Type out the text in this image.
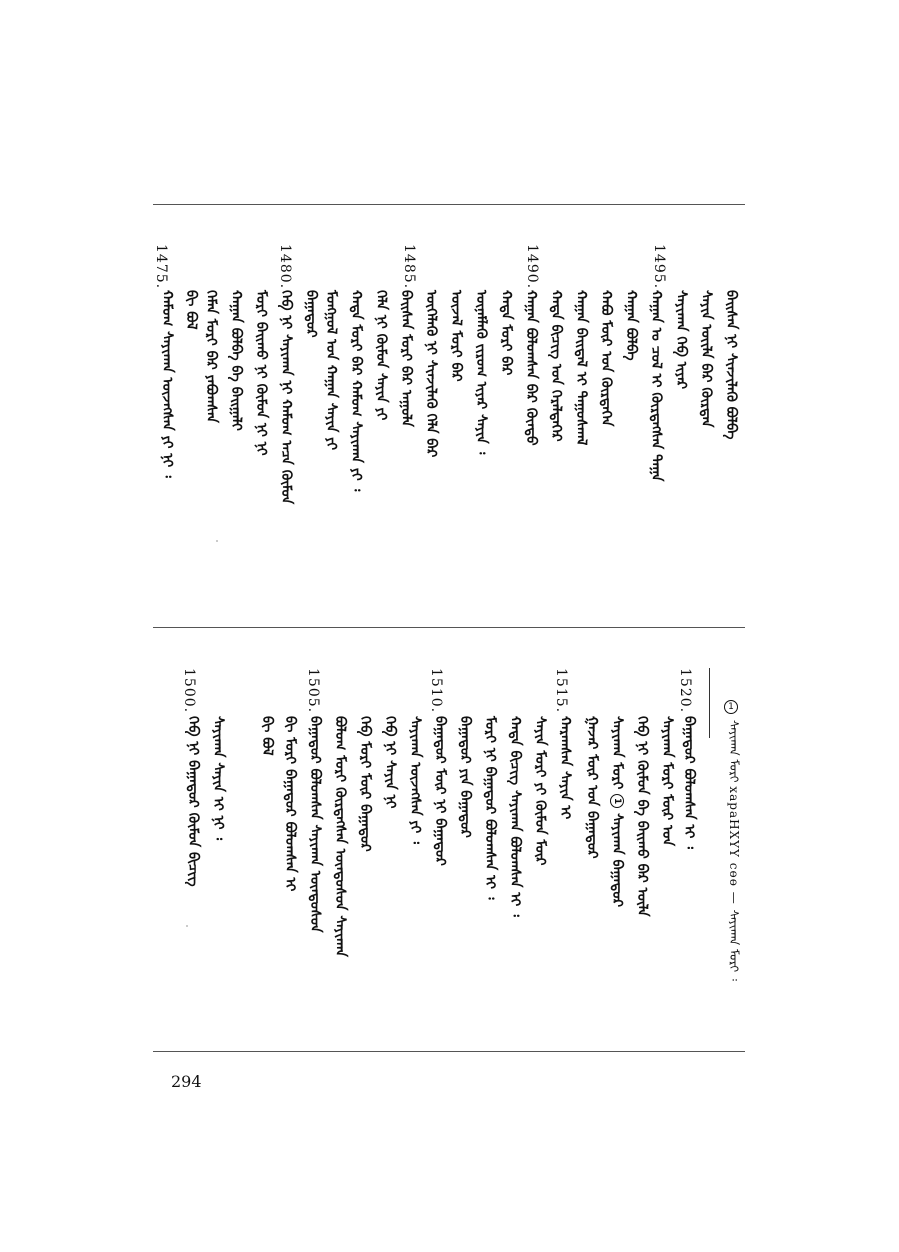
1495.
1490.
1485.
1480.
1475.
ᠪᠠᠢᠰᠠᠨ ᠨᠢ ᠰᠢᠨᠵᠢᠯᠡᠬᠦ ᠪᠣᠯᠪᠠ
ᠰᠠᠶᠢᠨ ᠦᠢᠯᠡ ᠪᠡᠷ ᠬᠦᠷᠳᠡᠨ
ᠰᠠᠶᠢᠬᠠᠨ ᠬᠡᠪ ᠢᠶᠡᠷ
ᠬᠠᠭᠠᠨ ᠤ ᠴᠣᠯ ᠢ ᠬᠦᠷᠲᠡᠭᠰᠡᠨ ᠲᠠᠭᠠ
ᠬᠠᠭᠠᠨ ᠪᠣᠯᠪᠠ
ᠬᠠᠪᠤ ᠮᠥᠷ ᠤᠨ ᠬᠦᠷᠲᠡᠭᠡᠨ
ᠬᠠᠭᠠᠨ ᠪᠠᠢᠳᠠᠯ ᠢ ᠳᠠᠭᠤᠰᠬᠠᠯ
ᠬᠠᠳᠠ ᠪᠢᠴᠢᠭ ᠤᠨ ᠭᠡᠷᠡᠯᠲᠡᠭᠡᠷ
ᠬᠠᠭᠠᠨ ᠪᠣᠯᠤᠭᠰᠠᠨ ᠪᠡᠷ ᠬᠦᠨᠳᠦ
ᠬᠠᠳᠠ ᠮᠣᠷᠢ ᠪᠠᠷ
ᠦᠨᠡᠮᠯᠡᠬᠦ ᠵᠢᠷᠤᠭ ᠢᠶᠡᠷ ᠰᠠᠶᠢᠨ ᠄
ᠦᠵᠡᠯ ᠮᠣᠷᠢ ᠪᠠᠷ
ᠦᠭᠡᠯᠡᠬᠦ ᠨᠢ ᠰᠢᠨᠵᠢᠯᠡᠬᠦ ᠬᠡᠯᠡ ᠪᠡᠷ
ᠪᠠᠢᠰᠠᠨ ᠮᠣᠷᠢ ᠪᠠᠷ ᠠᠭᠤᠯᠠ
ᠬᠡᠯᠡ ᠨᠢ ᠬᠥᠮᠦᠨ ᠰᠠᠶᠢᠨ ᠶᠢ
ᠬᠠᠳᠠ ᠮᠣᠷᠢ ᠪᠠᠷ ᠬᠠᠮᠤᠭ ᠰᠠᠶᠢᠬᠠᠨ ᠶᠢ ᠄
ᠮᠣᠩᠭᠣᠯ ᠤᠨ ᠬᠠᠭᠠᠨ ᠰᠠᠶᠢᠨ ᠶᠢ
ᠪᠠᠭᠠᠲᠤᠷ
ᠬᠡᠪ ᠨᠢ ᠰᠠᠶᠢᠬᠠᠨ ᠨᠢ ᠬᠠᠮᠤᠭ ᠠᠴᠠ ᠬᠦᠮᠦᠨ
ᠮᠣᠷᠢ ᠪᠠᠢᠬᠤ ᠨᠢ ᠬᠦᠮᠦᠨ ᠨᠢ ᠨᠢ
ᠬᠠᠭᠠᠨ ᠪᠣᠯᠪᠠ ᠪᠠ ᠪᠠᠢᠭᠠᠯᠢ
ᠬᠡᠮᠡᠨ ᠮᠣᠷᠢ ᠪᠠᠷ ᠶᠠᠪᠤᠭᠰᠠᠨ
ᠪᠢ ᠪᠣᠯ
ᠬᠠᠮᠤᠭ ᠰᠠᠶᠢᠬᠠᠨ ᠦᠵᠡᠭᠰᠡᠨ ᠶᠢ ᠨᠢ ᠄
1
ᠰᠠᠶᠢᠬᠠᠨ ᠮᠣᠷᠢ хараНХҮҮ сөө — ᠰᠠᠶᠢᠬᠠᠨ ᠮᠣᠷᠢ ᠄
1520.
1515.
1510.
1505.
1500.
ᠪᠠᠭᠠᠲᠤᠷ ᠪᠣᠯᠤᠭᠰᠠᠨ ᠢ ᠄
ᠰᠠᠶᠢᠬᠠᠨ ᠮᠣᠷᠢ ᠮᠥᠷ ᠤᠨ
ᠬᠡᠪ ᠨᠢ ᠬᠦᠮᠦᠨ ᠪᠠ ᠪᠠᠢᠬᠤ ᠪᠡᠷ ᠦᠯᠡ
ᠰᠠᠶᠢᠬᠠᠨ ᠮᠣᠷᠢ 1 ᠰᠠᠶᠢᠬᠠᠨ ᠪᠠᠭᠠᠲᠤᠷ
ᠭᠠᠵᠠᠷ ᠮᠥᠷ ᠤᠨ ᠪᠠᠭᠠᠲᠤᠷ
ᠬᠠᠷᠠᠭᠰᠠᠨ ᠰᠠᠶᠢᠨ ᠢ
ᠰᠠᠶᠢᠨ ᠮᠣᠷᠢ ᠶᠢ ᠬᠦᠮᠦᠨ ᠮᠥᠷ
ᠬᠠᠳᠠ ᠪᠢᠴᠢᠭ ᠰᠠᠶᠢᠬᠠᠨ ᠪᠣᠯᠤᠭᠰᠠᠨ ᠢ ᠄
ᠮᠣᠷᠢ ᠨᠢ ᠪᠠᠭᠠᠲᠤᠷ ᠪᠣᠯᠤᠭᠰᠠᠨ ᠢ ᠄
ᠪᠠᠭᠠᠲᠤᠷ ᠶᠢᠨ ᠪᠠᠭᠠᠲᠤᠷ
ᠪᠠᠭᠠᠲᠤᠷ ᠮᠥᠷ ᠨᠢ ᠪᠠᠭᠠᠲᠤᠷ
ᠰᠠᠶᠢᠬᠠᠨ ᠦᠵᠡᠭᠰᠡᠨ ᠶᠢ ᠄
ᠬᠡᠪ ᠨᠢ ᠰᠠᠶᠢᠨ ᠨᠢ
ᠬᠡᠪ ᠮᠣᠷᠢ ᠮᠥᠷ ᠪᠠᠭᠠᠲᠤᠷ
ᠪᠣᠯᠤᠭ ᠮᠣᠷᠢ ᠬᠦᠷᠲᠡᠭᠰᠡᠨ ᠦᠨᠳᠦᠰᠦᠨ ᠰᠠᠶᠢᠬᠠᠨ
ᠪᠠᠭᠠᠲᠤᠷ ᠪᠣᠯᠤᠭᠰᠠᠨ ᠰᠠᠶᠢᠬᠠᠨ ᠦᠨᠳᠦᠰᠦᠨ
ᠪᠢ ᠮᠣᠷᠢ ᠪᠠᠭᠠᠲᠤᠷ ᠪᠣᠯᠤᠭᠰᠠᠨ ᠢ
ᠪᠢ ᠪᠣᠯ
ᠰᠠᠶᠢᠬᠠᠨ ᠰᠠᠶᠢᠨ ᠢ ᠨᠢ ᠄
ᠬᠡᠪ ᠨᠢ ᠪᠠᠭᠠᠲᠤᠷ ᠬᠦᠮᠦᠨ ᠪᠢᠴᠢᠭ
294
